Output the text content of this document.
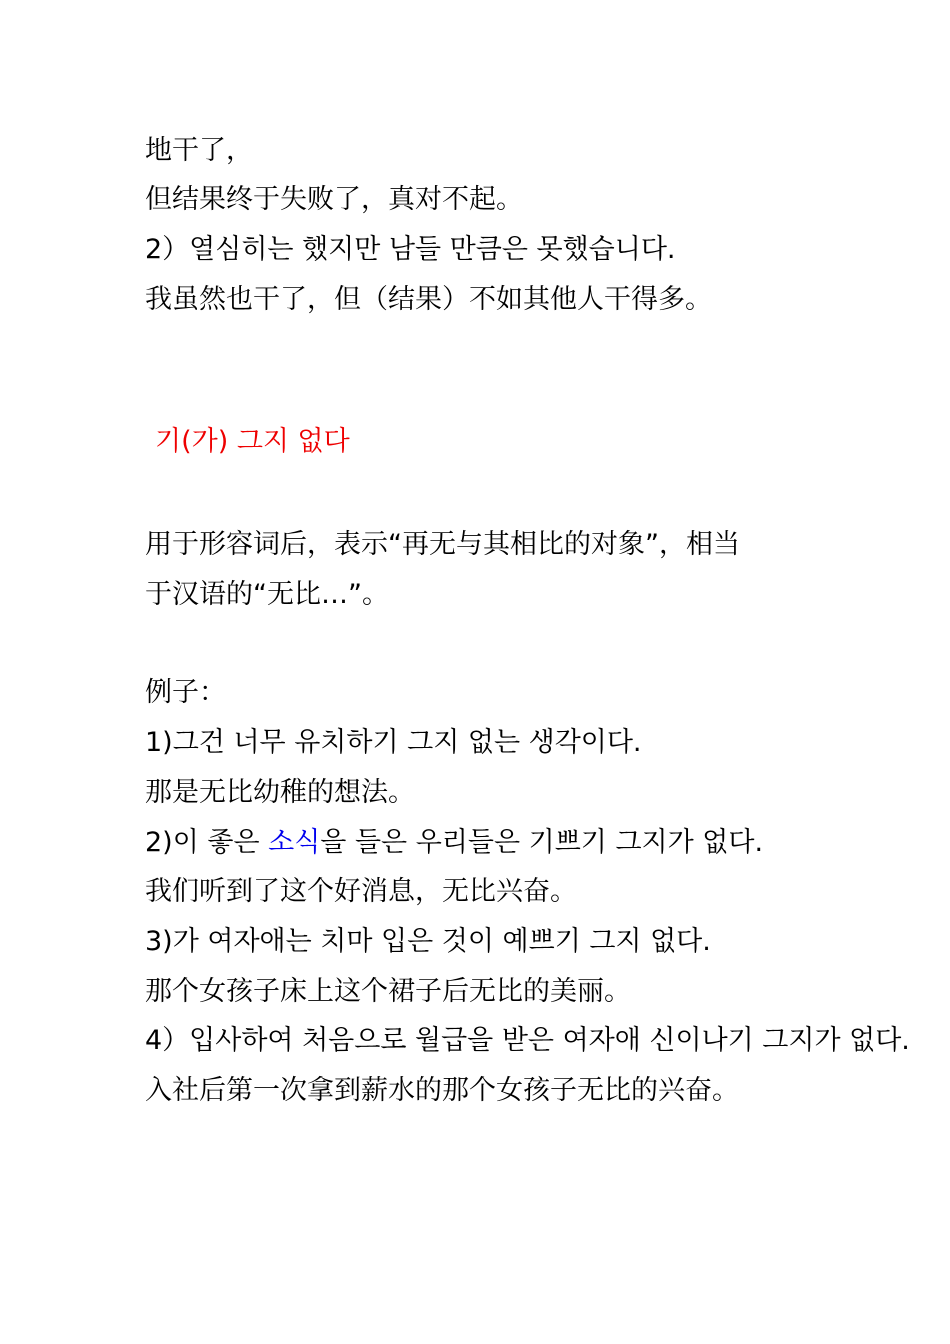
地干了，
但结果终于失败了，真对不起。
2）열심히는 했지만 남들 만큼은 못했습니다.
我虽然也干了，但（结果）不如其他人干得多。
기(가) 그지 없다
用于形容词后，表示“再无与其相比的对象”，相当
于汉语的“无比…”。
例子：
1)그건 너무 유치하기 그지 없는 생각이다.
那是无比幼稚的想法。
2)이 좋은 소식을 들은 우리들은 기쁘기 그지가 없다.
我们听到了这个好消息，无比兴奋。
3)가 여자애는 치마 입은 것이 예쁘기 그지 없다.
那个女孩子床上这个裙子后无比的美丽。
4）입사하여 처음으로 월급을 받은 여자애 신이나기 그지가 없다.
入社后第一次拿到薪水的那个女孩子无比的兴奋。
